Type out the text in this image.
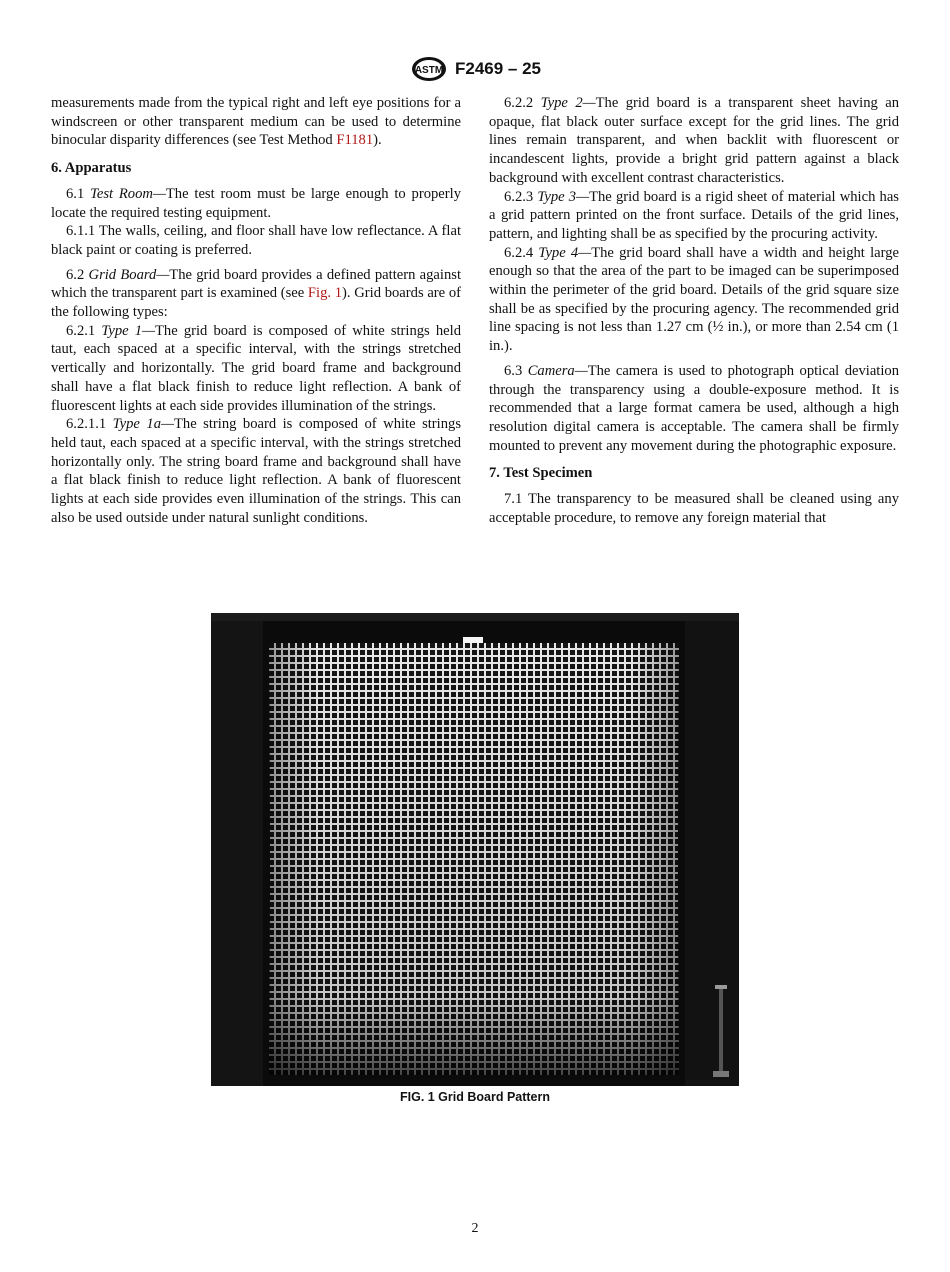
ASTM F2469 – 25

measurements made from the typical right and left eye positions for a windscreen or other transparent medium can be used to determine binocular disparity differences (see Test Method F1181).

6. Apparatus

6.1 Test Room—The test room must be large enough to properly locate the required testing equipment.

6.1.1 The walls, ceiling, and floor shall have low reflectance. A flat black paint or coating is preferred.

6.2 Grid Board—The grid board provides a defined pattern against which the transparent part is examined (see Fig. 1). Grid boards are of the following types:

6.2.1 Type 1—The grid board is composed of white strings held taut, each spaced at a specific interval, with the strings stretched vertically and horizontally. The grid board frame and background shall have a flat black finish to reduce light reflection. A bank of fluorescent lights at each side provides illumination of the strings.

6.2.1.1 Type 1a—The string board is composed of white strings held taut, each spaced at a specific interval, with the strings stretched horizontally only. The string board frame and background shall have a flat black finish to reduce light reflection. A bank of fluorescent lights at each side provides even illumination of the strings. This can also be used outside under natural sunlight conditions.

6.2.2 Type 2—The grid board is a transparent sheet having an opaque, flat black outer surface except for the grid lines. The grid lines remain transparent, and when backlit with fluorescent or incandescent lights, provide a bright grid pattern against a black background with excellent contrast characteristics.

6.2.3 Type 3—The grid board is a rigid sheet of material which has a grid pattern printed on the front surface. Details of the grid lines, pattern, and lighting shall be as specified by the procuring activity.

6.2.4 Type 4—The grid board shall have a width and height large enough so that the area of the part to be imaged can be superimposed within the perimeter of the grid board. Details of the grid square size shall be as specified by the procuring agency. The recommended grid line spacing is not less than 1.27 cm (½ in.), or more than 2.54 cm (1 in.).

6.3 Camera—The camera is used to photograph optical deviation through the transparency using a double-exposure method. It is recommended that a large format camera be used, although a high resolution digital camera is acceptable. The camera shall be firmly mounted to prevent any movement during the photographic exposure.

7. Test Specimen

7.1 The transparency to be measured shall be cleaned using any acceptable procedure, to remove any foreign material that

FIG. 1 Grid Board Pattern
2
